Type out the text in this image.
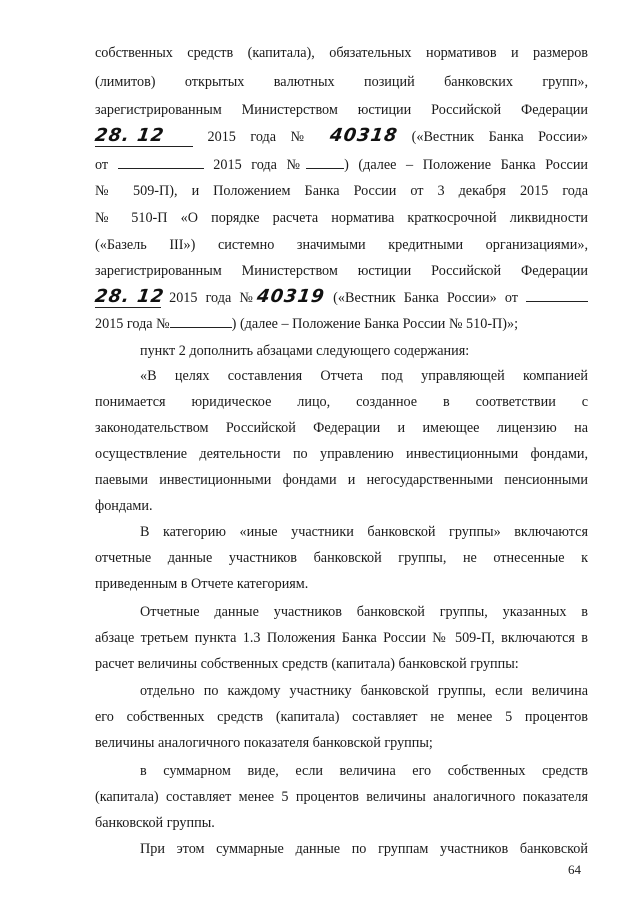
собственных средств (капитала), обязательных нормативов и размеров
(лимитов) открытых валютных позиций банковских групп»,
зарегистрированным Министерством юстиции Российской Федерации
28. 12	2015 года № 40318 («Вестник Банка России»
от	2015 года №	) (далее – Положение Банка России
№ 509-П), и Положением Банка России от 3 декабря 2015 года
№ 510-П «О порядке расчета норматива краткосрочной ликвидности
(«Базель III») системно значимыми кредитными организациями»,
зарегистрированным Министерством юстиции Российской Федерации
28. 12 2015 года №40319 («Вестник Банка России» от
2015 года №	) (далее – Положение Банка России № 510-П)»;
пункт 2 дополнить абзацами следующего содержания:
«В целях составления Отчета под управляющей компанией
понимается юридическое лицо, созданное в соответствии с
законодательством Российской Федерации и имеющее лицензию на
осуществление деятельности по управлению инвестиционными фондами,
паевыми инвестиционными фондами и негосударственными пенсионными
фондами.
В категорию «иные участники банковской группы» включаются
отчетные данные участников банковской группы, не отнесенные к
приведенным в Отчете категориям.
Отчетные данные участников банковской группы, указанных в
абзаце третьем пункта 1.3 Положения Банка России № 509-П, включаются в
расчет величины собственных средств (капитала) банковской группы:
отдельно по каждому участнику банковской группы, если величина
его собственных средств (капитала) составляет не менее 5 процентов
величины аналогичного показателя банковской группы;
в суммарном виде, если величина его собственных средств
(капитала) составляет менее 5 процентов величины аналогичного показателя
банковской группы.
При этом суммарные данные по группам участников банковской
64
